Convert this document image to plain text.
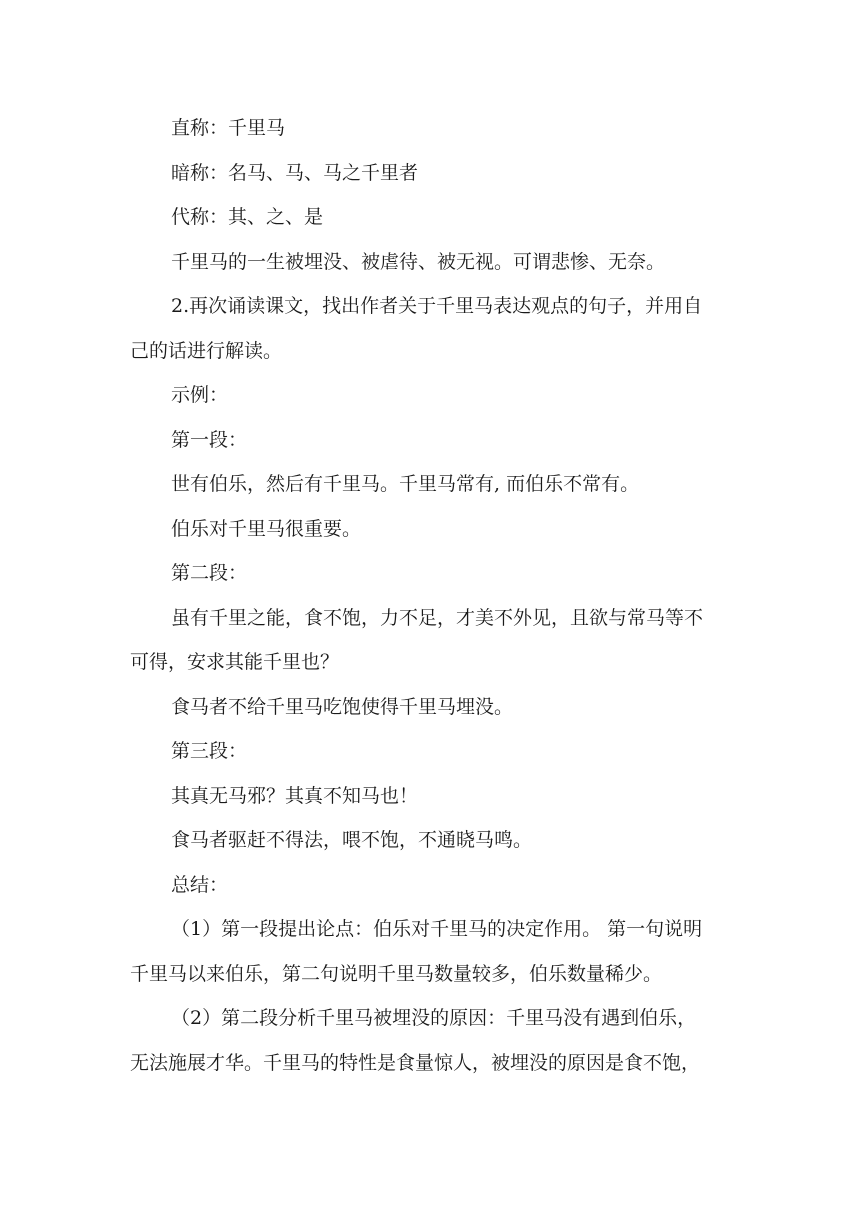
直称：千里马

暗称：名马、马、马之千里者

代称：其、之、是

千里马的一生被埋没、被虐待、被无视。可谓悲惨、无奈。

2.再次诵读课文，找出作者关于千里马表达观点的句子，并用自

己的话进行解读。

示例：

第一段：

世有伯乐，然后有千里马。千里马常有, 而伯乐不常有。

伯乐对千里马很重要。

第二段：

虽有千里之能，食不饱，力不足，才美不外见，且欲与常马等不

可得，安求其能千里也？

食马者不给千里马吃饱使得千里马埋没。

第三段：

其真无马邪？其真不知马也！

食马者驱赶不得法，喂不饱，不通晓马鸣。

总结：

（1）第一段提出论点：伯乐对千里马的决定作用。 第一句说明

千里马以来伯乐，第二句说明千里马数量较多，伯乐数量稀少。

（2）第二段分析千里马被埋没的原因：千里马没有遇到伯乐，

无法施展才华。千里马的特性是食量惊人，被埋没的原因是食不饱，
